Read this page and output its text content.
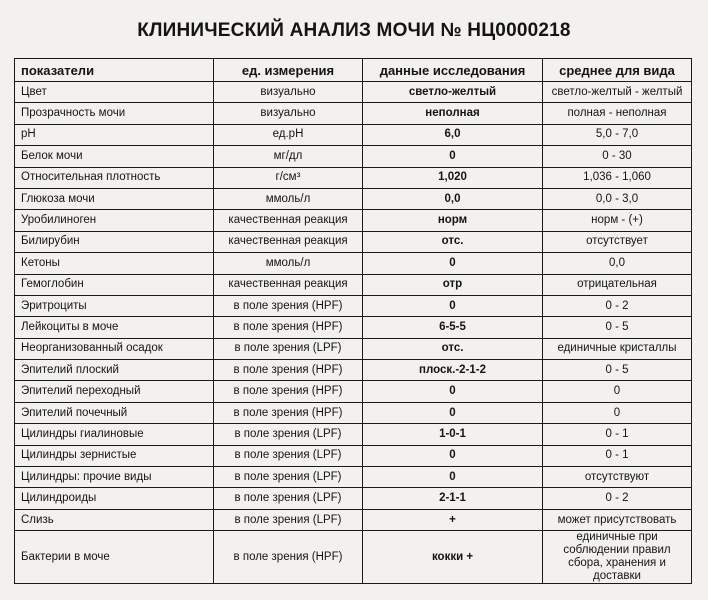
КЛИНИЧЕСКИЙ АНАЛИЗ МОЧИ № НЦ0000218
показатели	ед. измерения	данные исследования	среднее для вида
Цвет	визуально	светло-желтый	светло-желтый - желтый
Прозрачность мочи	визуально	неполная	полная - неполная
pH	ед.pH	6,0	5,0 - 7,0
Белок мочи	мг/дл	0	0 - 30
Относительная плотность	г/см³	1,020	1,036 - 1,060
Глюкоза мочи	ммоль/л	0,0	0,0 - 3,0
Уробилиноген	качественная реакция	норм	норм - (+)
Билирубин	качественная реакция	отс.	отсутствует
Кетоны	ммоль/л	0	0,0
Гемоглобин	качественная реакция	отр	отрицательная
Эритроциты	в поле зрения (HPF)	0	0 - 2
Лейкоциты в моче	в поле зрения (HPF)	6-5-5	0 - 5
Неорганизованный осадок	в поле зрения (LPF)	отс.	единичные кристаллы
Эпителий плоский	в поле зрения (HPF)	плоск.-2-1-2	0 - 5
Эпителий переходный	в поле зрения (HPF)	0	0
Эпителий почечный	в поле зрения (HPF)	0	0
Цилиндры гиалиновые	в поле зрения (LPF)	1-0-1	0 - 1
Цилиндры зернистые	в поле зрения (LPF)	0	0 - 1
Цилиндры: прочие виды	в поле зрения (LPF)	0	отсутствуют
Цилиндроиды	в поле зрения (LPF)	2-1-1	0 - 2
Слизь	в поле зрения (LPF)	+	может присутствовать
Бактерии в моче	в поле зрения (HPF)	кокки +	единичные при соблюдении правил сбора, хранения и доставки
